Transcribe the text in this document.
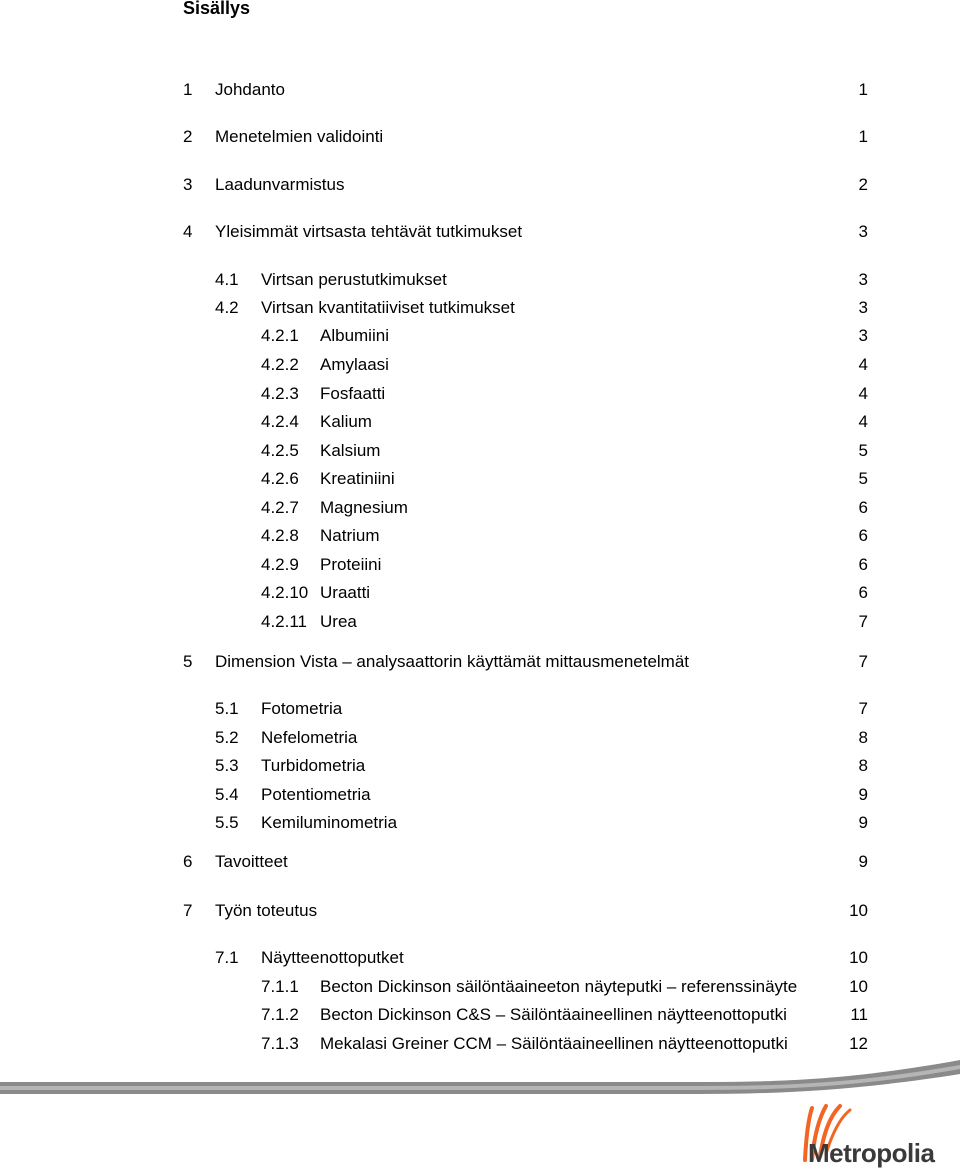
Sisällys
1 Johdanto	1
2 Menetelmien validointi	1
3 Laadunvarmistus	2
4 Yleisimmät virtsasta tehtävät tutkimukset	3
4.1 Virtsan perustutkimukset	3
4.2 Virtsan kvantitatiiviset tutkimukset	3
4.2.1 Albumiini	3
4.2.2 Amylaasi	4
4.2.3 Fosfaatti	4
4.2.4 Kalium	4
4.2.5 Kalsium	5
4.2.6 Kreatiniini	5
4.2.7 Magnesium	6
4.2.8 Natrium	6
4.2.9 Proteiini	6
4.2.10 Uraatti	6
4.2.11 Urea	7
5 Dimension Vista – analysaattorin käyttämät mittausmenetelmät	7
5.1 Fotometria	7
5.2 Nefelometria	8
5.3 Turbidometria	8
5.4 Potentiometria	9
5.5 Kemiluminometria	9
6 Tavoitteet	9
7 Työn toteutus	10
7.1 Näytteenottoputket	10
7.1.1 Becton Dickinson säilöntäaineeton näyteputki – referenssinäyte	10
7.1.2 Becton Dickinson C&S – Säilöntäaineellinen näytteenottoputki	11
7.1.3 Mekalasi Greiner CCM – Säilöntäaineellinen näytteenottoputki	12
Metropolia
